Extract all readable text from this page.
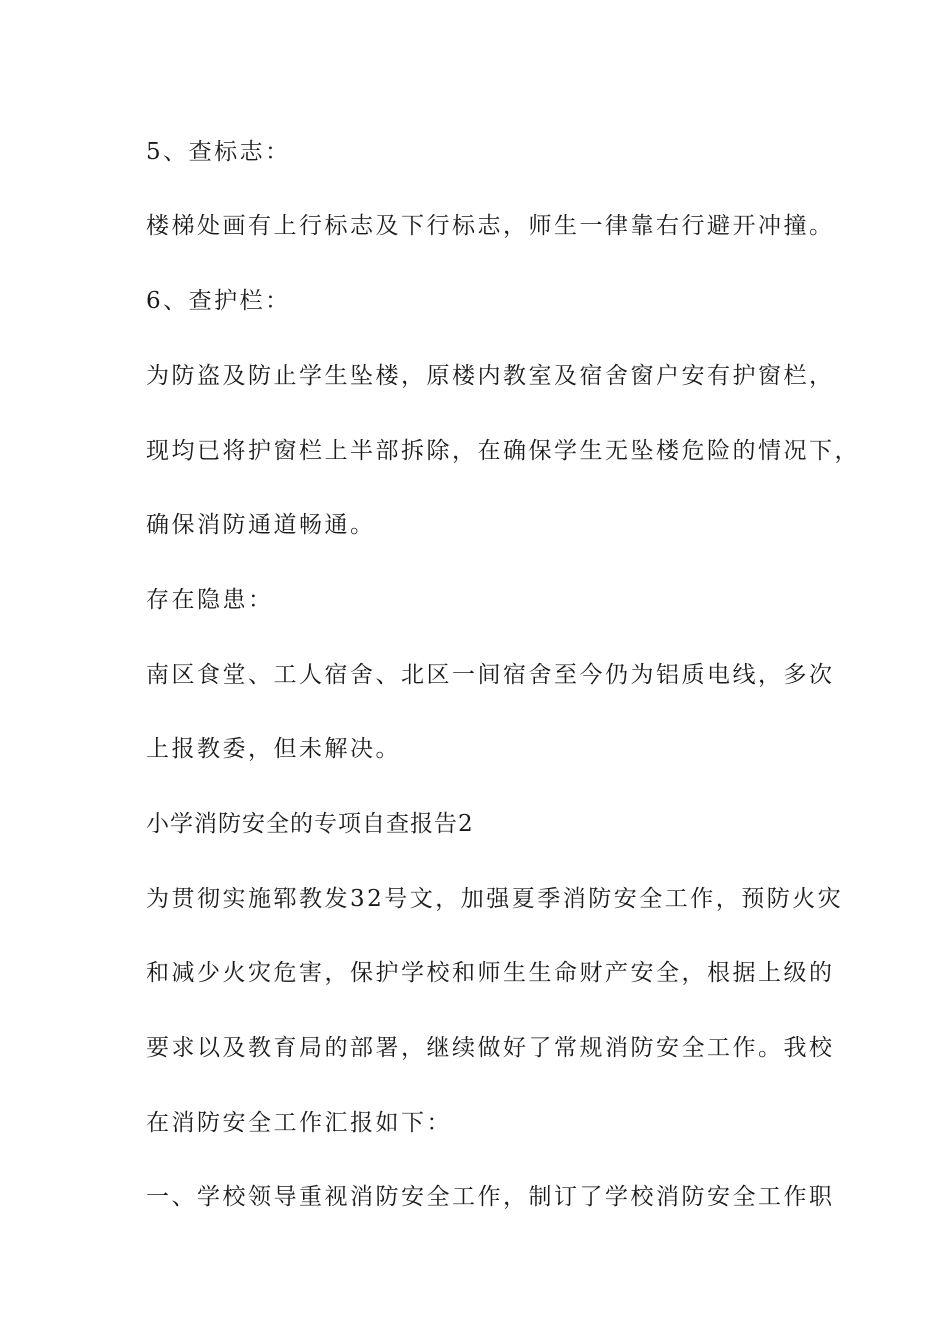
5、查标志：
楼梯处画有上行标志及下行标志，师生一律靠右行避开冲撞。
6、查护栏：
为防盗及防止学生坠楼，原楼内教室及宿舍窗户安有护窗栏，
现均已将护窗栏上半部拆除，在确保学生无坠楼危险的情况下，
确保消防通道畅通。
存在隐患：
南区食堂、工人宿舍、北区一间宿舍至今仍为铝质电线，多次
上报教委，但未解决。
小学消防安全的专项自查报告2
为贯彻实施郓教发32号文，加强夏季消防安全工作，预防火灾
和减少火灾危害，保护学校和师生生命财产安全，根据上级的
要求以及教育局的部署，继续做好了常规消防安全工作。我校
在消防安全工作汇报如下：
一、学校领导重视消防安全工作，制订了学校消防安全工作职
